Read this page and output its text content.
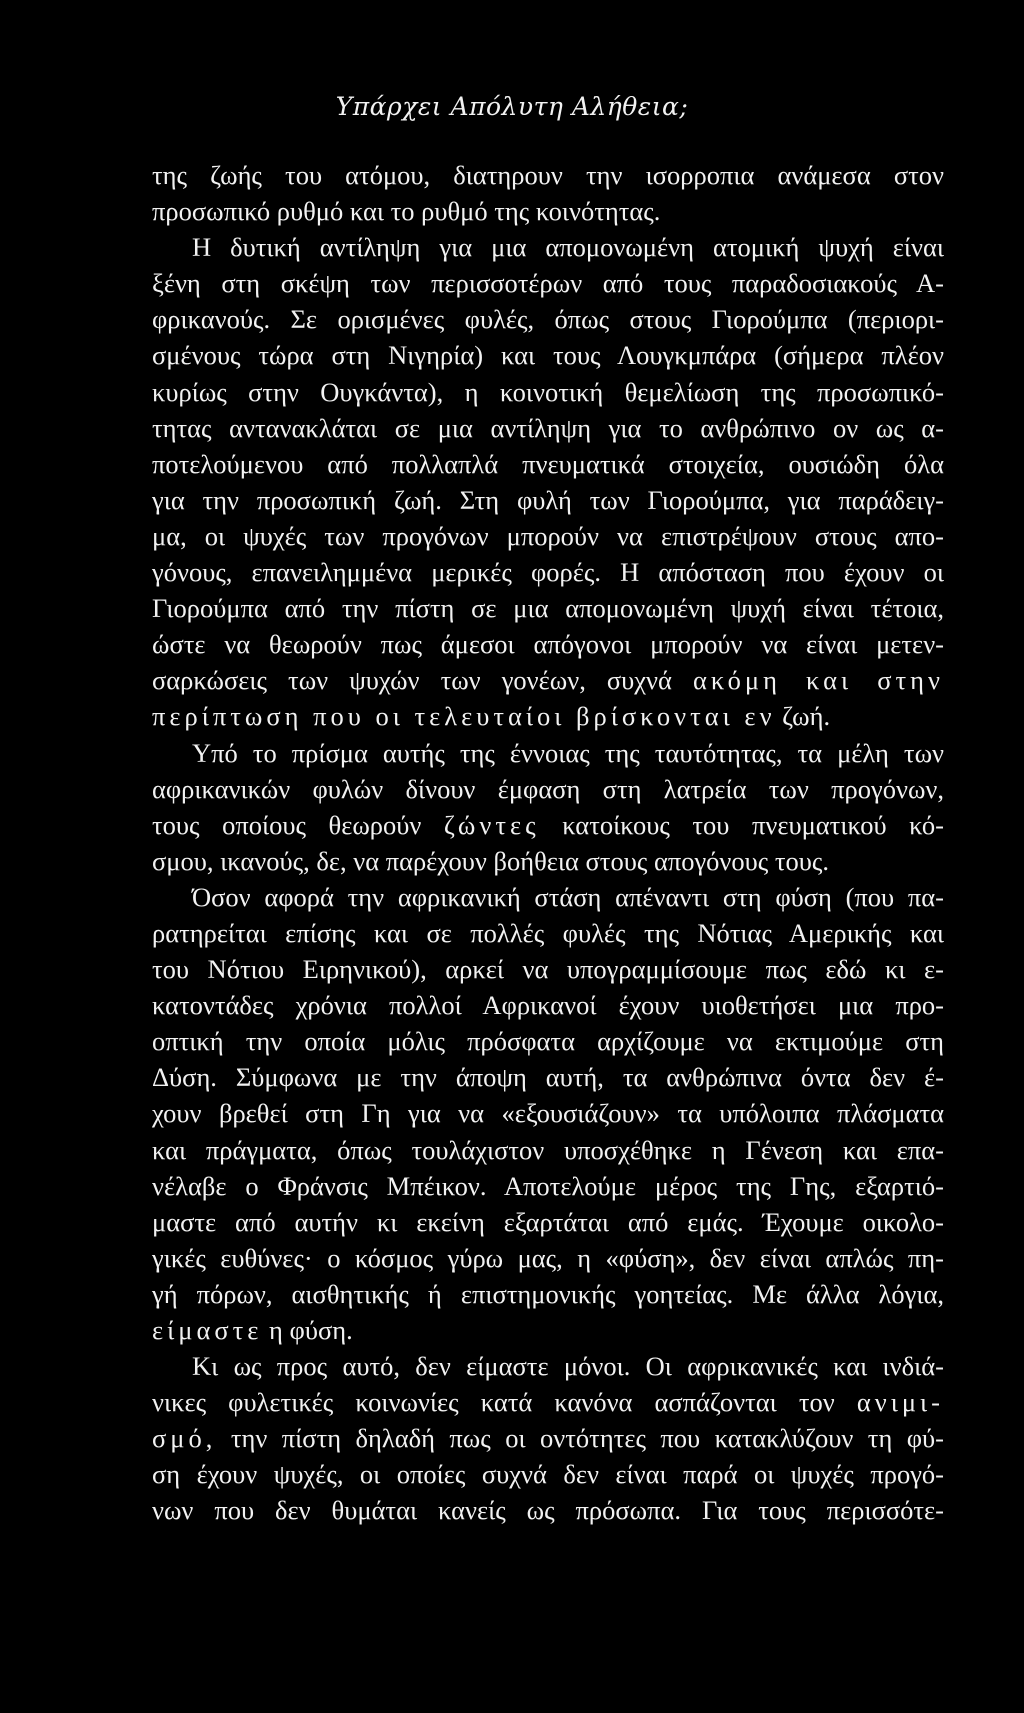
Υπάρχει Απόλυτη Αλήθεια;
της ζωής του ατόμου, διατηρουν την ισορροπια ανάμεσα στον
προσωπικό ρυθμό και το ρυθμό της κοινότητας.
Η δυτική αντίληψη για μια απομονωμένη ατομική ψυχή είναι
ξένη στη σκέψη των περισσοτέρων από τους παραδοσιακούς Α-
φρικανούς. Σε ορισμένες φυλές, όπως στους Γιορούμπα (περιορι-
σμένους τώρα στη Νιγηρία) και τους Λουγκμπάρα (σήμερα πλέον
κυρίως στην Ουγκάντα), η κοινοτική θεμελίωση της προσωπικό-
τητας αντανακλάται σε μια αντίληψη για το ανθρώπινο ον ως α-
ποτελούμενου από πολλαπλά πνευματικά στοιχεία, ουσιώδη όλα
για την προσωπική ζωή. Στη φυλή των Γιορούμπα, για παράδειγ-
μα, οι ψυχές των προγόνων μπορούν να επιστρέψουν στους απο-
γόνους, επανειλημμένα μερικές φορές. Η απόσταση που έχουν οι
Γιορούμπα από την πίστη σε μια απομονωμένη ψυχή είναι τέτοια,
ώστε να θεωρούν πως άμεσοι απόγονοι μπορούν να είναι μετεν-
σαρκώσεις των ψυχών των γονέων, συχνά ακόμη και στην
περίπτωση που οι τελευταίοι βρίσκονται εν ζωή.
Υπό το πρίσμα αυτής της έννοιας της ταυτότητας, τα μέλη των
αφρικανικών φυλών δίνουν έμφαση στη λατρεία των προγόνων,
τους οποίους θεωρούν ζώντες κατοίκους του πνευματικού κό-
σμου, ικανούς, δε, να παρέχουν βοήθεια στους απογόνους τους.
Όσον αφορά την αφρικανική στάση απέναντι στη φύση (που πα-
ρατηρείται επίσης και σε πολλές φυλές της Νότιας Αμερικής και
του Νότιου Ειρηνικού), αρκεί να υπογραμμίσουμε πως εδώ κι ε-
κατοντάδες χρόνια πολλοί Αφρικανοί έχουν υιοθετήσει μια προ-
οπτική την οποία μόλις πρόσφατα αρχίζουμε να εκτιμούμε στη
Δύση. Σύμφωνα με την άποψη αυτή, τα ανθρώπινα όντα δεν έ-
χουν βρεθεί στη Γη για να «εξουσιάζουν» τα υπόλοιπα πλάσματα
και πράγματα, όπως τουλάχιστον υποσχέθηκε η Γένεση και επα-
νέλαβε ο Φράνσις Μπέικον. Αποτελούμε μέρος της Γης, εξαρτιό-
μαστε από αυτήν κι εκείνη εξαρτάται από εμάς. Έχουμε οικολο-
γικές ευθύνες· ο κόσμος γύρω μας, η «φύση», δεν είναι απλώς πη-
γή πόρων, αισθητικής ή επιστημονικής γοητείας. Με άλλα λόγια,
είμαστε η φύση.
Κι ως προς αυτό, δεν είμαστε μόνοι. Οι αφρικανικές και ινδιά-
νικες φυλετικές κοινωνίες κατά κανόνα ασπάζονται τον ανιμι-
σμό, την πίστη δηλαδή πως οι οντότητες που κατακλύζουν τη φύ-
ση έχουν ψυχές, οι οποίες συχνά δεν είναι παρά οι ψυχές προγό-
νων που δεν θυμάται κανείς ως πρόσωπα. Για τους περισσότε-
